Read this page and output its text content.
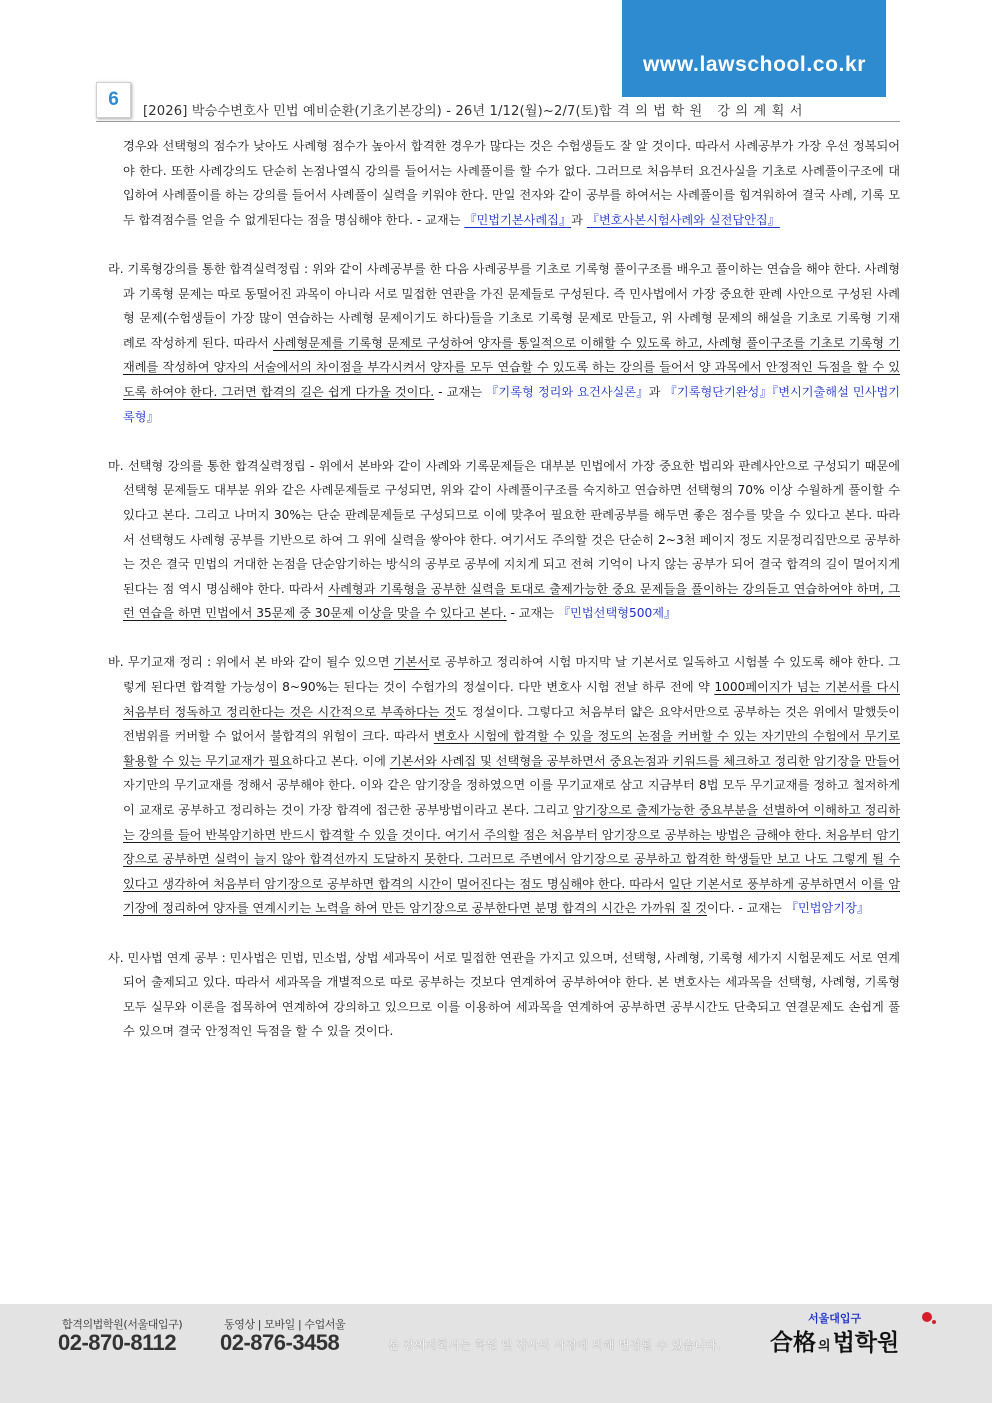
www.lawschool.co.kr
6
[2026] 박승수변호사 민법 예비순환(기초기본강의) - 26년 1/12(월)~2/7(토)합격의법학원 강의계획서

경우와 선택형의 점수가 낮아도 사례형 점수가 높아서 합격한 경우가 많다는 것은 수험생들도 잘 알 것이다. 따라서 사례공부가 가장 우선 정복되어야 한다. 또한 사례강의도 단순히 논점나열식 강의를 들어서는 사례풀이를 할 수가 없다. 그러므로 처음부터 요건사실을 기초로 사례풀이구조에 대입하여 사례풀이를 하는 강의를 들어서 사례풀이 실력을 키워야 한다. 만일 전자와 같이 공부를 하여서는 사례풀이를 힘겨워하여 결국 사례, 기록 모두 합격점수를 얻을 수 없게된다는 점을 명심해야 한다. - 교재는 『민법기본사례집』과 『변호사본시험사례와 실전답안집』

라. 기록형강의를 통한 합격실력정립 : 위와 같이 사례공부를 한 다음 사례공부를 기초로 기록형 풀이구조를 배우고 풀이하는 연습을 해야 한다. 사례형과 기록형 문제는 따로 동떨어진 과목이 아니라 서로 밀접한 연관을 가진 문제들로 구성된다. 즉 민사법에서 가장 중요한 판례 사안으로 구성된 사례형 문제(수험생들이 가장 많이 연습하는 사례형 문제이기도 하다)들을 기초로 기록형 문제로 만들고, 위 사례형 문제의 해설을 기초로 기록형 기재례로 작성하게 된다. 따라서 사례형문제를 기록형 문제로 구성하여 양자를 통일적으로 이해할 수 있도록 하고, 사례형 풀이구조를 기초로 기록형 기재례를 작성하여 양자의 서술에서의 차이점을 부각시켜서 양자를 모두 연습할 수 있도록 하는 강의를 들어서 양 과목에서 안정적인 득점을 할 수 있도록 하여야 한다. 그러면 합격의 길은 쉽게 다가올 것이다. - 교재는 『기록형 정리와 요건사실론』과 『기록형단기완성』『변시기출해설 민사법기록형』

마. 선택형 강의를 통한 합격실력정립 - 위에서 본바와 같이 사례와 기록문제들은 대부분 민법에서 가장 중요한 법리와 판례사안으로 구성되기 때문에 선택형 문제들도 대부분 위와 같은 사례문제들로 구성되면, 위와 같이 사례풀이구조를 숙지하고 연습하면 선택형의 70% 이상 수월하게 풀이할 수 있다고 본다. 그리고 나머지 30%는 단순 판례문제들로 구성되므로 이에 맞추어 필요한 판례공부를 해두면 좋은 점수를 맞을 수 있다고 본다. 따라서 선택형도 사례형 공부를 기반으로 하여 그 위에 실력을 쌓아야 한다. 여기서도 주의할 것은 단순히 2~3천 페이지 정도 지문정리집만으로 공부하는 것은 결국 민법의 거대한 논점을 단순암기하는 방식의 공부로 공부에 지치게 되고 전혀 기억이 나지 않는 공부가 되어 결국 합격의 길이 멀어지게 된다는 점 역시 명심해야 한다. 따라서 사례형과 기록형을 공부한 실력을 토대로 출제가능한 중요 문제들을 풀이하는 강의듣고 연습하여야 하며, 그런 연습을 하면 민법에서 35문제 중 30문제 이상을 맞을 수 있다고 본다. - 교재는 『민법선택형500제』

바. 무기교재 정리 : 위에서 본 바와 같이 될수 있으면 기본서로 공부하고 정리하여 시험 마지막 날 기본서로 일독하고 시험볼 수 있도록 해야 한다. 그렇게 된다면 합격할 가능성이 8~90%는 된다는 것이 수험가의 정설이다. 다만 변호사 시험 전날 하루 전에 약 1000페이지가 넘는 기본서를 다시 처음부터 정독하고 정리한다는 것은 시간적으로 부족하다는 것도 정설이다. 그렇다고 처음부터 얇은 요약서만으로 공부하는 것은 위에서 말했듯이 전범위를 커버할 수 없어서 불합격의 위험이 크다. 따라서 변호사 시험에 합격할 수 있을 정도의 논점을 커버할 수 있는 자기만의 수험에서 무기로 활용할 수 있는 무기교재가 필요하다고 본다. 이에 기본서와 사례집 및 선택형을 공부하면서 중요논점과 키워드를 체크하고 정리한 암기장을 만들어 자기만의 무기교재를 정해서 공부해야 한다. 이와 같은 암기장을 정하였으면 이를 무기교재로 삼고 지금부터 8법 모두 무기교재를 정하고 철저하게 이 교재로 공부하고 정리하는 것이 가장 합격에 접근한 공부방법이라고 본다. 그리고 암기장으로 출제가능한 중요부분을 선별하여 이해하고 정리하는 강의를 들어 반복암기하면 반드시 합격할 수 있을 것이다. 여기서 주의할 점은 처음부터 암기장으로 공부하는 방법은 금해야 한다. 처음부터 암기장으로 공부하면 실력이 늘지 않아 합격선까지 도달하지 못한다. 그러므로 주변에서 암기장으로 공부하고 합격한 학생들만 보고 나도 그렇게 될 수 있다고 생각하여 처음부터 암기장으로 공부하면 합격의 시간이 멀어진다는 점도 명심해야 한다. 따라서 일단 기본서로 풍부하게 공부하면서 이를 암기장에 정리하여 양자를 연계시키는 노력을 하여 만든 암기장으로 공부한다면 분명 합격의 시간은 가까워 질 것이다. - 교재는 『민법암기장』

사. 민사법 연계 공부 : 민사법은 민법, 민소법, 상법 세과목이 서로 밀접한 연관을 가지고 있으며, 선택형, 사례형, 기록형 세가지 시험문제도 서로 연계되어 출제되고 있다. 따라서 세과목을 개별적으로 따로 공부하는 것보다 연계하여 공부하여야 한다. 본 변호사는 세과목을 선택형, 사례형, 기록형 모두 실무와 이론을 접목하여 연계하여 강의하고 있으므로 이를 이용하여 세과목을 연계하여 공부하면 공부시간도 단축되고 연결문제도 손쉽게 풀수 있으며 결국 안정적인 득점을 할 수 있을 것이다.

합격의법학원(서울대입구)
02-870-8112
동영상 | 모바일 | 수업서울
02-876-3458	본 강의계획서는 학원 및 강사의 사정에 의해 변경될 수 있습니다.
서울대입구
合格 의법학원
